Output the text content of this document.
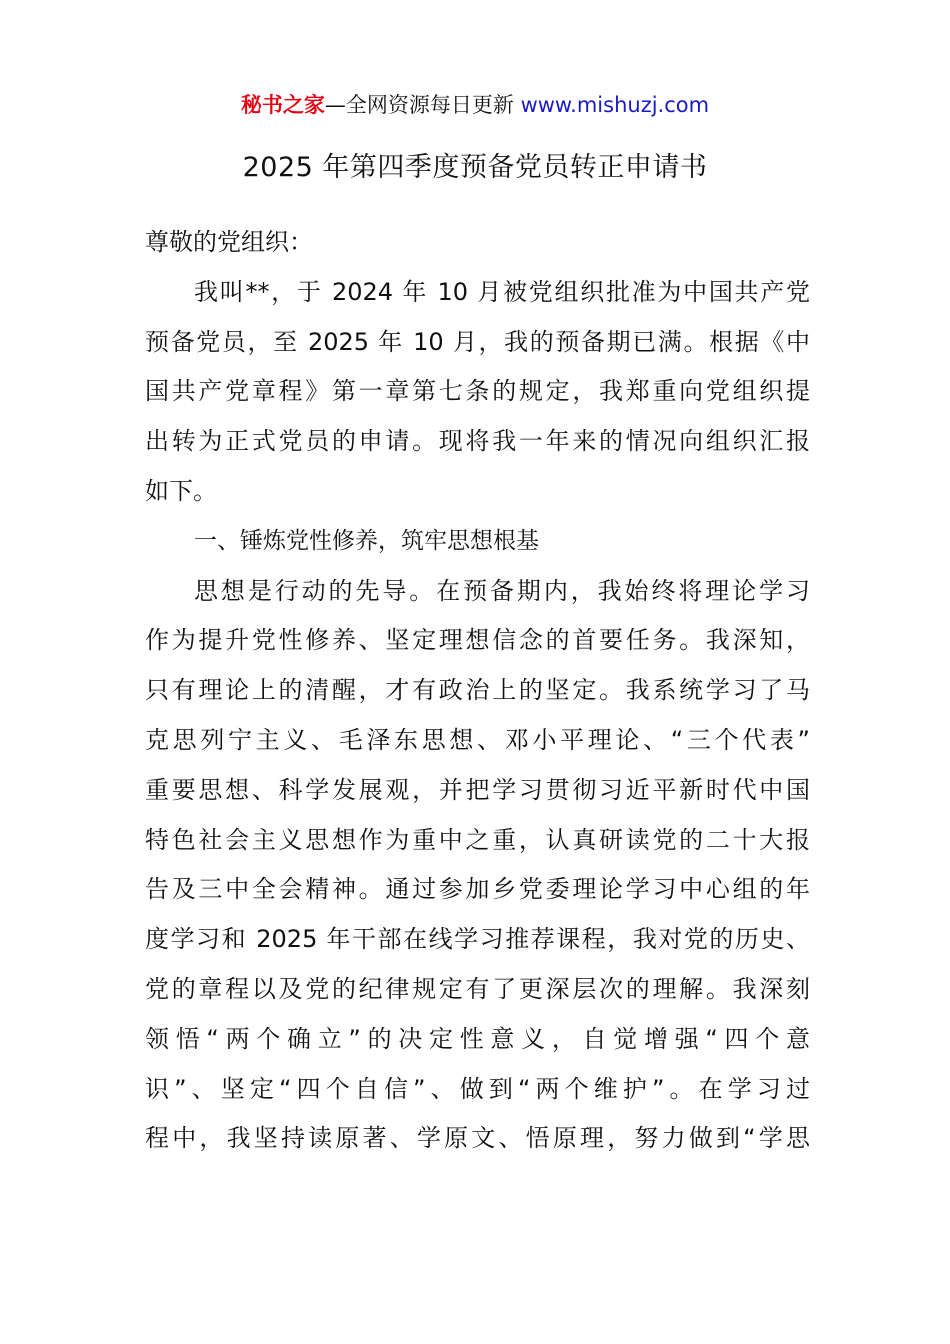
秘书之家—全网资源每日更新 www.mishuzj.com
2025 年第四季度预备党员转正申请书
尊敬的党组织：
我叫**，于 2024 年 10 月被党组织批准为中国共产党
预备党员，至 2025 年 10 月，我的预备期已满。根据《中
国共产党章程》第一章第七条的规定，我郑重向党组织提
出转为正式党员的申请。现将我一年来的情况向组织汇报
如下。
一、锤炼党性修养，筑牢思想根基
思想是行动的先导。在预备期内，我始终将理论学习
作为提升党性修养、坚定理想信念的首要任务。我深知，
只有理论上的清醒，才有政治上的坚定。我系统学习了马
克思列宁主义、毛泽东思想、邓小平理论、“三个代表”
重要思想、科学发展观，并把学习贯彻习近平新时代中国
特色社会主义思想作为重中之重，认真研读党的二十大报
告及三中全会精神。通过参加乡党委理论学习中心组的年
度学习和 2025 年干部在线学习推荐课程，我对党的历史、
党的章程以及党的纪律规定有了更深层次的理解。我深刻
领悟“两个确立”的决定性意义，自觉增强“四个意
识”、坚定“四个自信”、做到“两个维护”。在学习过
程中，我坚持读原著、学原文、悟原理，努力做到“学思
